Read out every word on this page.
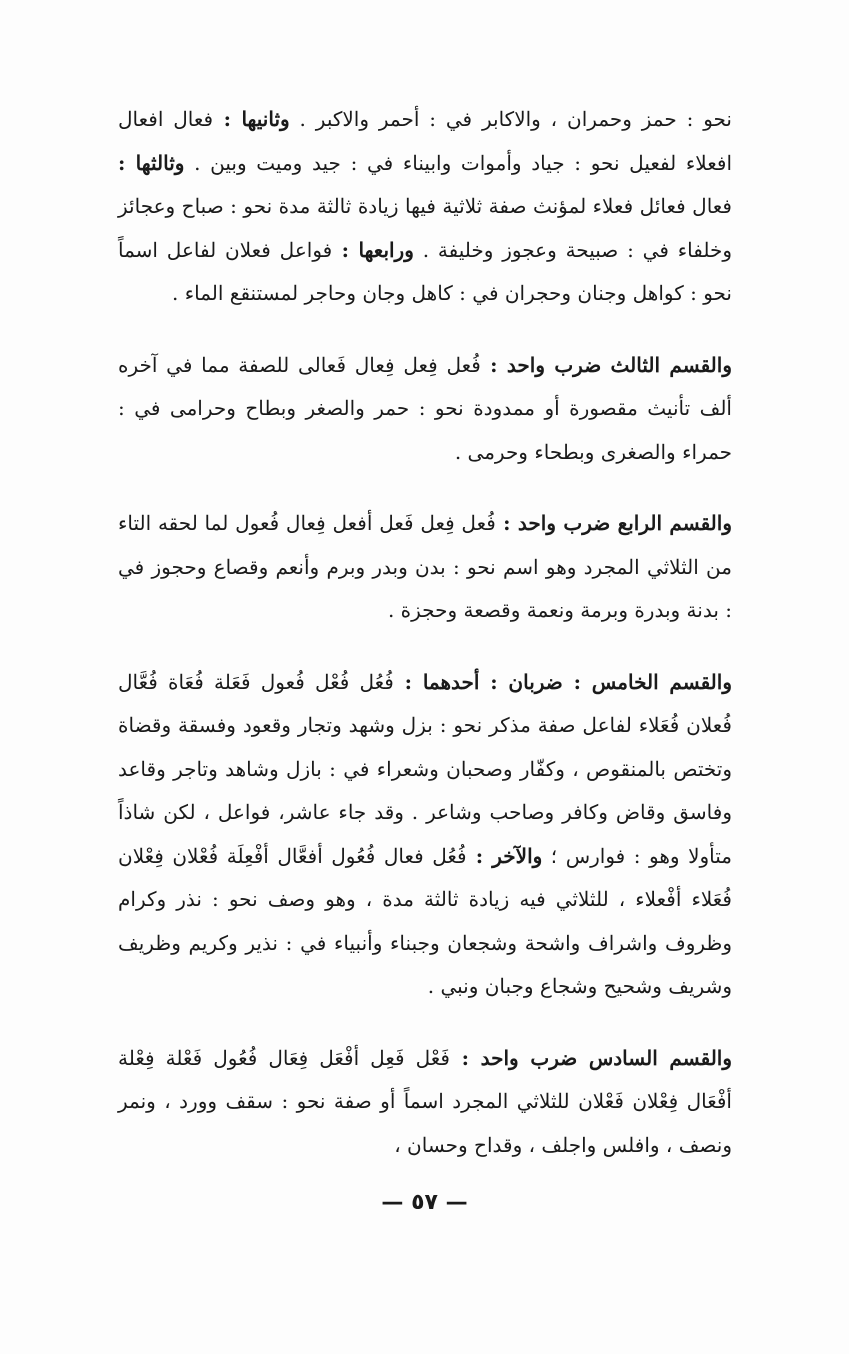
نحو : حمز وحمران ، والاكابر في : أحمر والاكبر . وثانيها : فعال افعال افعلاء لفعيل نحو : جياد وأموات وابيناء في : جيد وميت وبين . وثالثها : فعال فعائل فعلاء لمؤنث صفة ثلاثية فيها زيادة ثالثة مدة نحو : صباح وعجائز وخلفاء في : صبيحة وعجوز وخليفة . ورابعها : فواعل فعلان لفاعل اسماً نحو : كواهل وجنان وحجران في : كاهل وجان وحاجر لمستنقع الماء .

والقسم الثالث ضرب واحد : فُعل فِعل فِعال فَعالى للصفة مما في آخره ألف تأنيث مقصورة أو ممدودة نحو : حمر والصغر وبطاح وحرامى في : حمراء والصغرى وبطحاء وحرمى .

والقسم الرابع ضرب واحد : فُعل فِعل فَعل أفعل فِعال فُعول لما لحقه التاء من الثلاثي المجرد وهو اسم نحو : بدن وبدر وبرم وأنعم وقصاع وحجوز في : بدنة وبدرة وبرمة ونعمة وقصعة وحجزة .

والقسم الخامس : ضربان : أحدهما : فُعُل فُعْل فُعول فَعَلة فُعَاة فُعَّال فُعلان فُعَلاء لفاعل صفة مذكر نحو : بزل وشهد وتجار وقعود وفسقة وقضاة وتختص بالمنقوص ، وكفّار وصحبان وشعراء في : بازل وشاهد وتاجر وقاعد وفاسق وقاض وكافر وصاحب وشاعر . وقد جاء عاشر، فواعل ، لكن شاذاً متأولا وهو : فوارس ؛ والآخر : فُعُل فعال فُعُول أفعَّال أفْعِلَة فُعْلان فِعْلان فُعَلاء أفْعلاء ، للثلاثي فيه زيادة ثالثة مدة ، وهو وصف نحو : نذر وكرام وظروف واشراف واشحة وشجعان وجبناء وأنبياء في : نذير وكريم وظريف وشريف وشحيح وشجاع وجبان ونبي .

والقسم السادس ضرب واحد : فَعْل فَعِل أفْعَل فِعَال فُعُول فَعْلة فِعْلة أفْعَال فِعْلان فَعْلان للثلاثي المجرد اسماً أو صفة نحو : سقف وورد ، ونمر ونصف ، وافلس واجلف ، وقداح وحسان ،

— ٥٧ —
